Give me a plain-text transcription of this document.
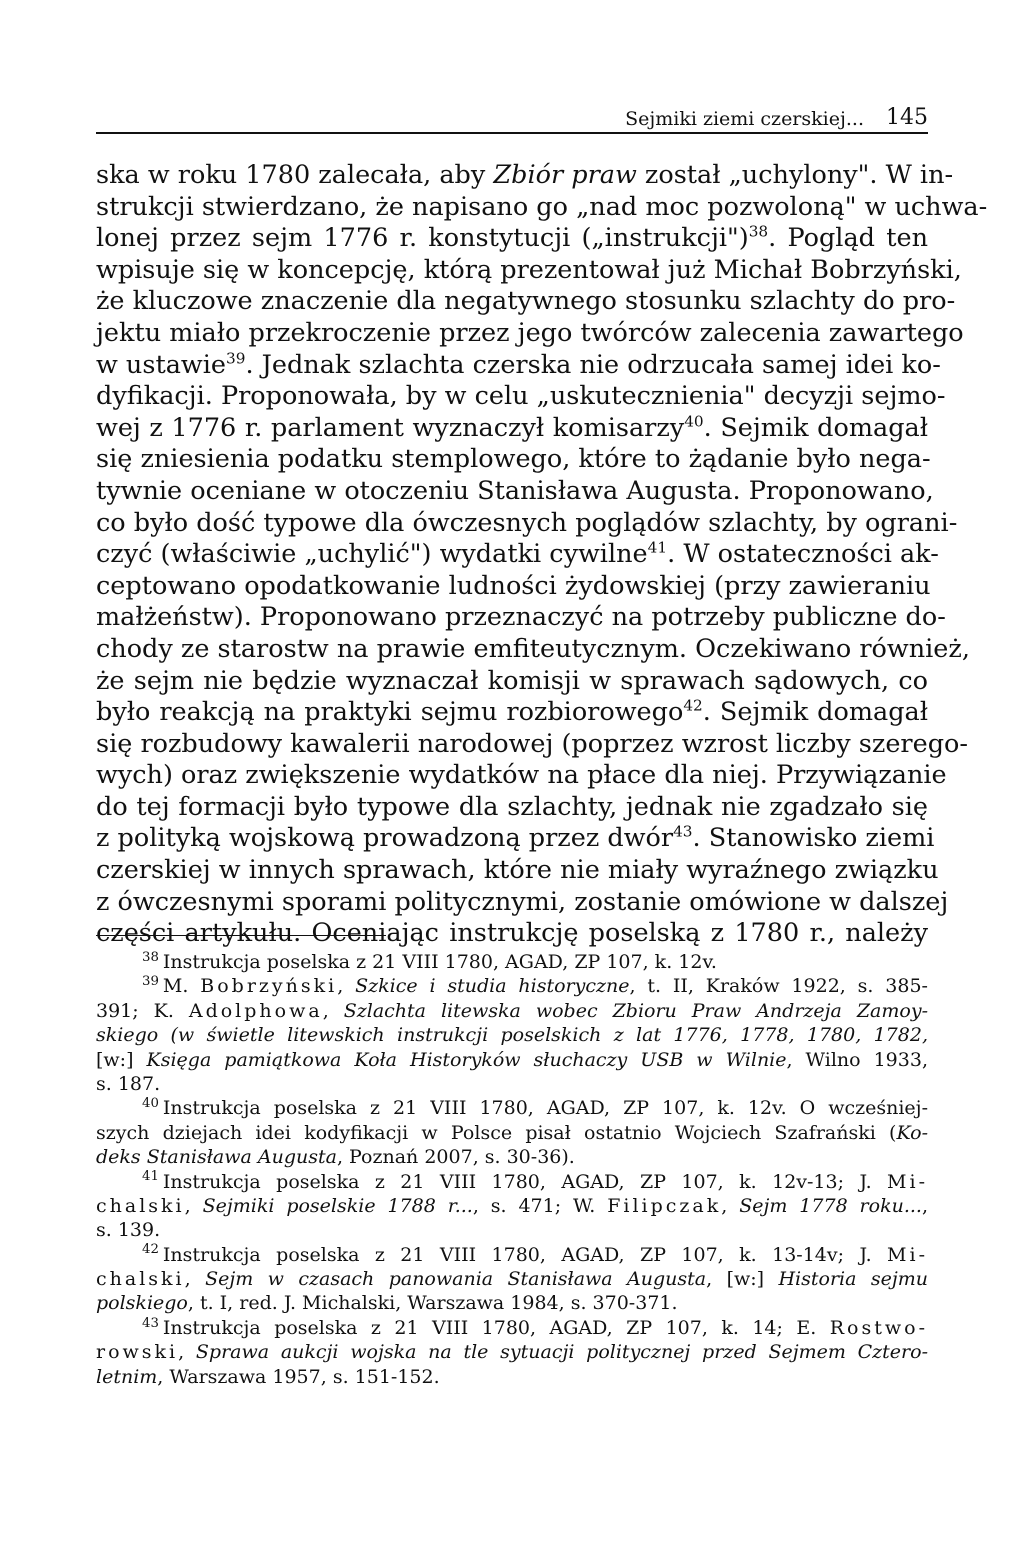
Sejmiki ziemi czerskiej... 145
ska w roku 1780 zalecała, aby Zbiór praw został „uchylony". W in-
strukcji stwierdzano, że napisano go „nad moc pozwoloną" w uchwa-
lonej przez sejm 1776 r. konstytucji („instrukcji")$^{38}$. Pogląd ten
wpisuje się w koncepcję, którą prezentował już Michał Bobrzyński,
że kluczowe znaczenie dla negatywnego stosunku szlachty do pro-
jektu miało przekroczenie przez jego twórców zalecenia zawartego
w ustawie$^{39}$. Jednak szlachta czerska nie odrzucała samej idei ko-
dyfikacji. Proponowała, by w celu „uskutecznienia" decyzji sejmo-
wej z 1776 r. parlament wyznaczył komisarzy$^{40}$. Sejmik domagał
się zniesienia podatku stemplowego, które to żądanie było nega-
tywnie oceniane w otoczeniu Stanisława Augusta. Proponowano,
co było dość typowe dla ówczesnych poglądów szlachty, by ograni-
czyć (właściwie „uchylić") wydatki cywilne$^{41}$. W ostateczności ak-
ceptowano opodatkowanie ludności żydowskiej (przy zawieraniu
małżeństw). Proponowano przeznaczyć na potrzeby publiczne do-
chody ze starostw na prawie emfiteutycznym. Oczekiwano również,
że sejm nie będzie wyznaczał komisji w sprawach sądowych, co
było reakcją na praktyki sejmu rozbiorowego$^{42}$. Sejmik domagał
się rozbudowy kawalerii narodowej (poprzez wzrost liczby szerego-
wych) oraz zwiększenie wydatków na płace dla niej. Przywiązanie
do tej formacji było typowe dla szlachty, jednak nie zgadzało się
z polityką wojskową prowadzoną przez dwór$^{43}$. Stanowisko ziemi
czerskiej w innych sprawach, które nie miały wyraźnego związku
z ówczesnymi sporami politycznymi, zostanie omówione w dalszej
części artykułu. Oceniając instrukcję poselską z 1780 r., należy
$^{38}$ Instrukcja poselska z 21 VIII 1780, AGAD, ZP 107, k. 12v.
$^{39}$ M. Bobrzyński, Szkice i studia historyczne, t. II, Kraków 1922, s. 385-
391; K. Adolphowa, Szlachta litewska wobec Zbioru Praw Andrzeja Zamoy-
skiego (w świetle litewskich instrukcji poselskich z lat 1776, 1778, 1780, 1782,
[w:] Księga pamiątkowa Koła Historyków słuchaczy USB w Wilnie, Wilno 1933,
s. 187.
$^{40}$ Instrukcja poselska z 21 VIII 1780, AGAD, ZP 107, k. 12v. O wcześniej-
szych dziejach idei kodyfikacji w Polsce pisał ostatnio Wojciech Szafrański (Ko-
deks Stanisława Augusta, Poznań 2007, s. 30-36).
$^{41}$ Instrukcja poselska z 21 VIII 1780, AGAD, ZP 107, k. 12v-13; J. Mi-
chalski, Sejmiki poselskie 1788 r..., s. 471; W. Filipczak, Sejm 1778 roku...,
s. 139.
$^{42}$ Instrukcja poselska z 21 VIII 1780, AGAD, ZP 107, k. 13-14v; J. Mi-
chalski, Sejm w czasach panowania Stanisława Augusta, [w:] Historia sejmu
polskiego, t. I, red. J. Michalski, Warszawa 1984, s. 370-371.
$^{43}$ Instrukcja poselska z 21 VIII 1780, AGAD, ZP 107, k. 14; E. Rostwo-
rowski, Sprawa aukcji wojska na tle sytuacji politycznej przed Sejmem Cztero-
letnim, Warszawa 1957, s. 151-152.
